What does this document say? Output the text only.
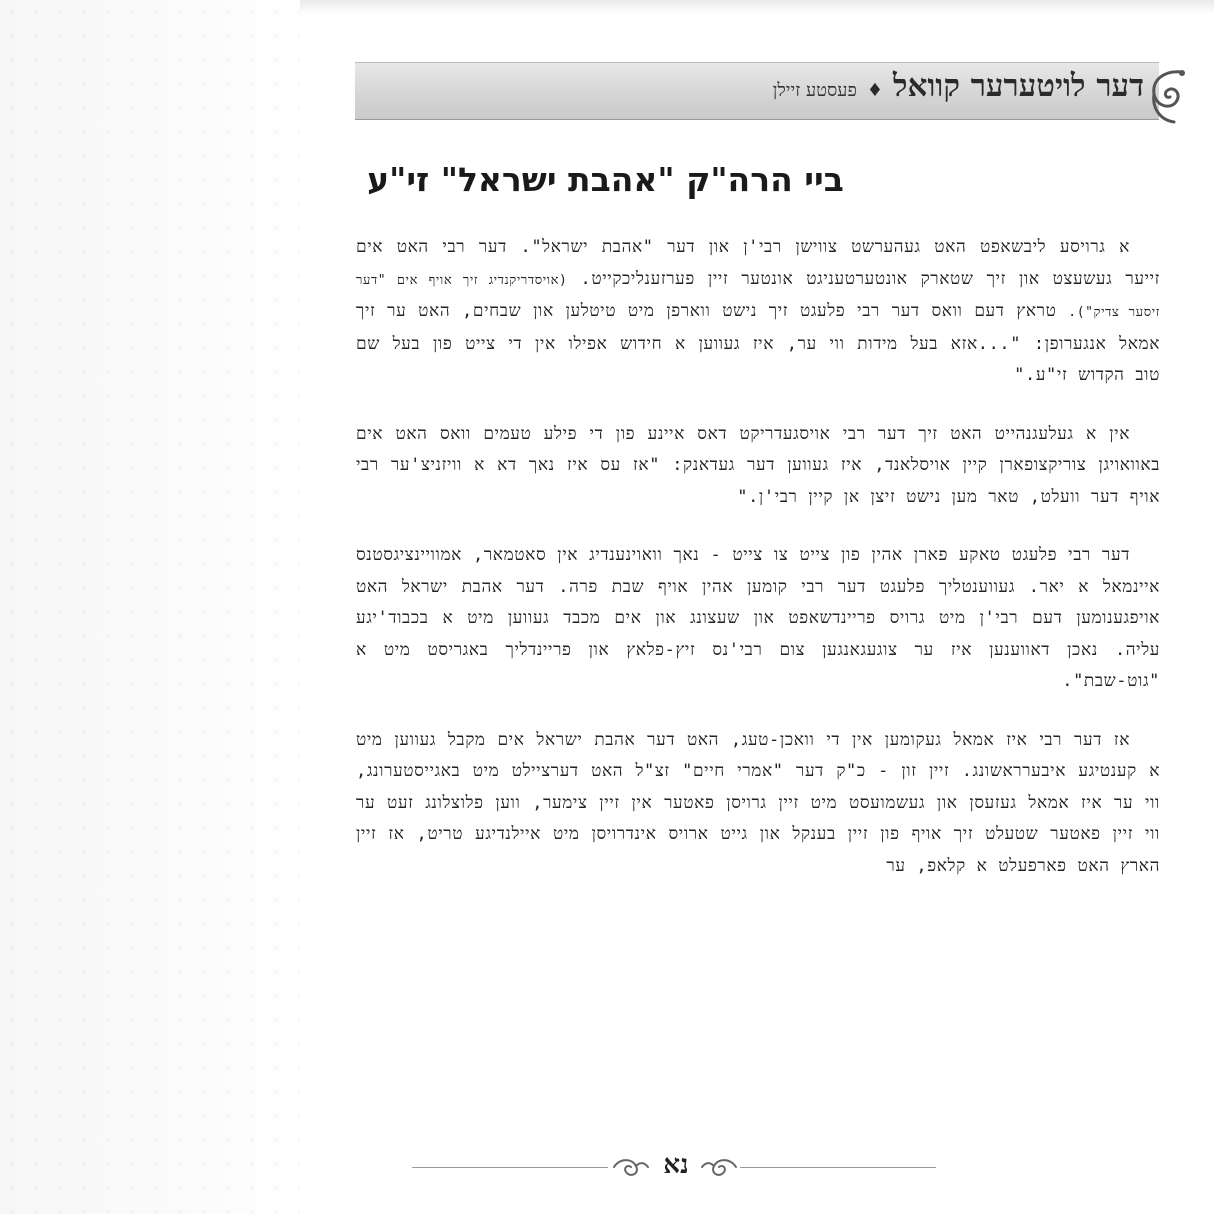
דער לויטערער קוואל
♦
פעסטע זיילן
ביי הרה"ק "אהבת ישראל" זי"ע

א גרויסע ליבשאפט האט געהערשט צווישן רבי'ן און דער "אהבת ישראל". דער רבי האט אים זייער געשעצט און זיך שטארק אונטערטעניגט אונטער זיין פערזענליכקייט. (אויסדריקנדיג זיך אויף אים "דער זיסער צדיק"). טראץ דעם וואס דער רבי פלעגט זיך נישט ווארפן מיט טיטלען און שבחים, האט ער זיך אמאל אנגערופן: "...אזא בעל מידות ווי ער, איז געווען א חידוש אפילו אין די צייט פון בעל שם טוב הקדוש זי"ע."

אין א געלעגנהייט האט זיך דער רבי אויסגעדריקט דאס איינע פון די פילע טעמים וואס האט אים באוואויגן צוריקצופארן קיין אויסלאנד, איז געווען דער געדאנק: "אז עס איז נאך דא א וויזניצ'ער רבי אויף דער וועלט, טאר מען נישט זיצן אן קיין רבי'ן."

דער רבי פלעגט טאקע פארן אהין פון צייט צו צייט - נאך וואוינענדיג אין סאטמאר, אמוויינציגסטנס איינמאל א יאר. געווענטליך פלעגט דער רבי קומען אהין אויף שבת פרה. דער אהבת ישראל האט אויפגענומען דעם רבי'ן מיט גרויס פריינדשאפט און שעצונג און אים מכבד געווען מיט א בכבוד'יגע עליה. נאכן דאווענען איז ער צוגעגאנגען צום רבי'נס זיץ-פלאץ און פריינדליך באגריסט מיט א "גוט-שבת".

אז דער רבי איז אמאל געקומען אין די וואכן-טעג, האט דער אהבת ישראל אים מקבל געווען מיט א קענטיגע איבערראשונג. זיין זון - כ"ק דער "אמרי חיים" זצ"ל האט דערציילט מיט באגייסטערונג, ווי ער איז אמאל געזעסן און געשמועסט מיט זיין גרויסן פאטער אין זיין צימער, ווען פלוצלונג זעט ער ווי זיין פאטער שטעלט זיך אויף פון זיין בענקל און גייט ארויס אינדרויסן מיט איילנדיגע טריט, אז זיין הארץ האט פארפעלט א קלאפ, ער

נא
